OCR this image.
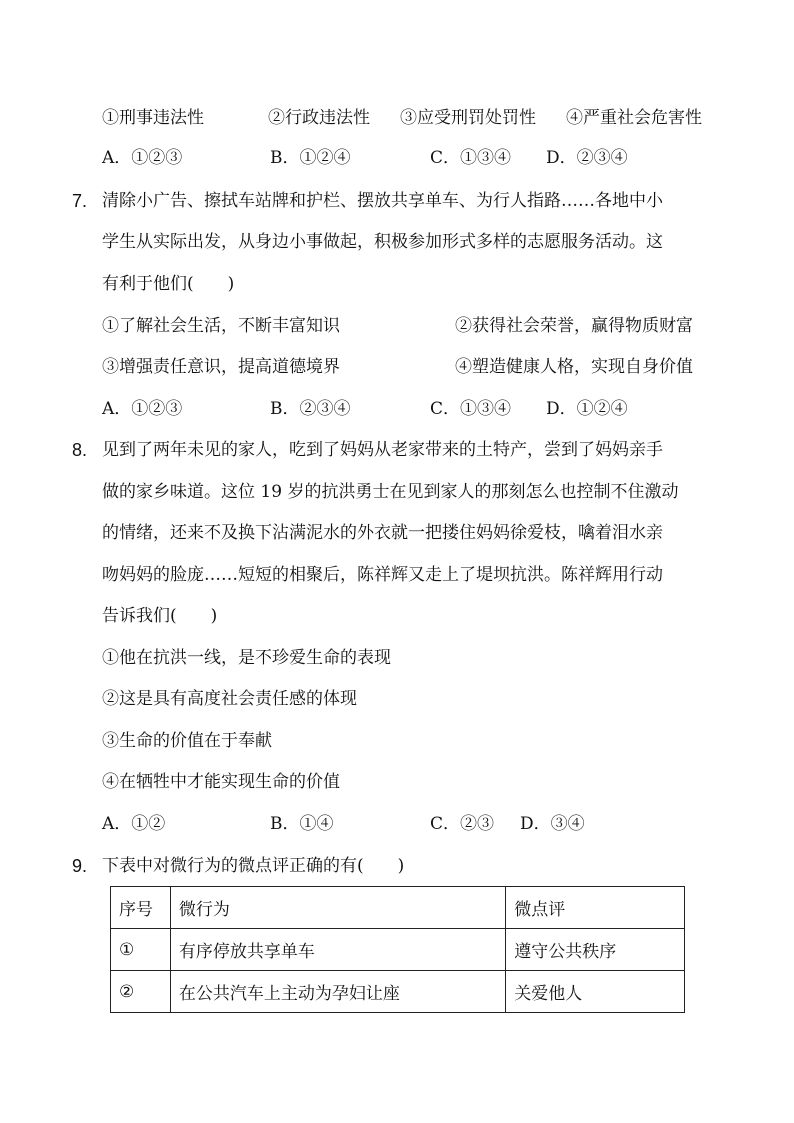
①刑事违法性	②行政违法性 ③应受刑罚处罚性 ④严重社会危害性
A．①②③	B．①②④	C．①③④ D．②③④
7. 清除小广告、擦拭车站牌和护栏、摆放共享单车、为行人指路……各地中小
学生从实际出发，从身边小事做起，积极参加形式多样的志愿服务活动。这
有利于他们(　　)
①了解社会生活，不断丰富知识	②获得社会荣誉，赢得物质财富
③增强责任意识，提高道德境界	④塑造健康人格，实现自身价值
A．①②③	B．②③④	C．①③④ D．①②④
8. 见到了两年未见的家人，吃到了妈妈从老家带来的土特产，尝到了妈妈亲手
做的家乡味道。这位 19 岁的抗洪勇士在见到家人的那刻怎么也控制不住激动
的情绪，还来不及换下沾满泥水的外衣就一把搂住妈妈徐爱枝，噙着泪水亲
吻妈妈的脸庞……短短的相聚后，陈祥辉又走上了堤坝抗洪。陈祥辉用行动
告诉我们(　　)
①他在抗洪一线，是不珍爱生命的表现
②这是具有高度社会责任感的体现
③生命的价值在于奉献
④在牺牲中才能实现生命的价值
A．①②	B．①④	C．②③ D．③④
9. 下表中对微行为的微点评正确的有(　　)
序号	微行为	微点评
①	有序停放共享单车	遵守公共秩序
②	在公共汽车上主动为孕妇让座	关爱他人
